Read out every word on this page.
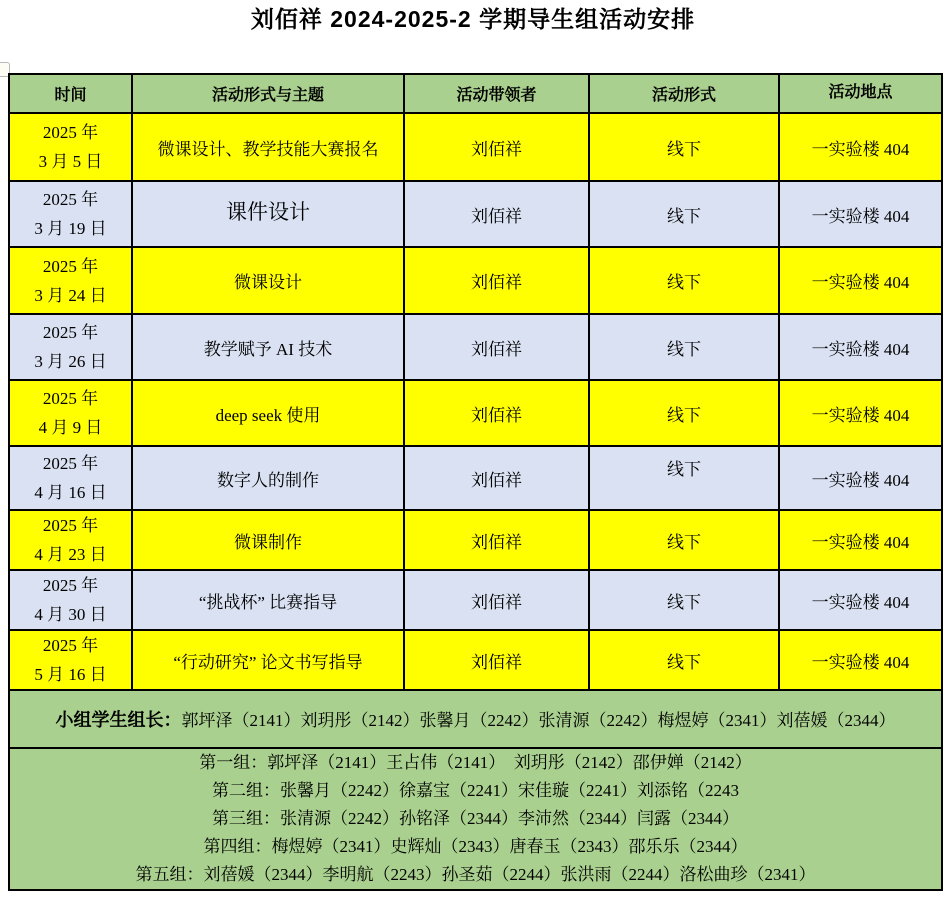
刘佰祥 2024-2025-2 学期导生组活动安排
时间	活动形式与主题	活动带领者	活动形式	活动地点

2025 年
3 月 5 日	微课设计、教学技能大赛报名	刘佰祥	线下	一实验楼 404

2025 年
3 月 19 日	课件设计	刘佰祥	线下	一实验楼 404

2025 年
3 月 24 日	微课设计	刘佰祥	线下	一实验楼 404

2025 年
3 月 26 日	教学赋予 AI 技术	刘佰祥	线下	一实验楼 404

2025 年
4 月 9 日	deep seek 使用	刘佰祥	线下	一实验楼 404

2025 年
4 月 16 日	数字人的制作	刘佰祥	线下	一实验楼 404

2025 年
4 月 23 日	微课制作	刘佰祥	线下	一实验楼 404

2025 年
4 月 30 日	“挑战杯” 比赛指导	刘佰祥	线下	一实验楼 404

2025 年
5 月 16 日	“行动研究” 论文书写指导	刘佰祥	线下	一实验楼 404
小组学生组长：郭坪泽（2141）刘玥彤（2142）张馨月（2242）张清源（2242）梅煜婷（2341）刘蓓媛（2344）				

第一组：郭坪泽（2141）王占伟（2141）  刘玥彤（2142）邵伊婵（2142）
第二组：张馨月（2242）徐嘉宝（2241）宋佳璇（2241）刘添铭（2243
第三组：张清源（2242）孙铭泽（2344）李沛然（2344）闫露（2344）
第四组：梅煜婷（2341）史辉灿（2343）唐春玉（2343）邵乐乐（2344）
第五组：刘蓓媛（2344）李明航（2243）孙圣茹（2244）张洪雨（2244）洛松曲珍（2341）				
